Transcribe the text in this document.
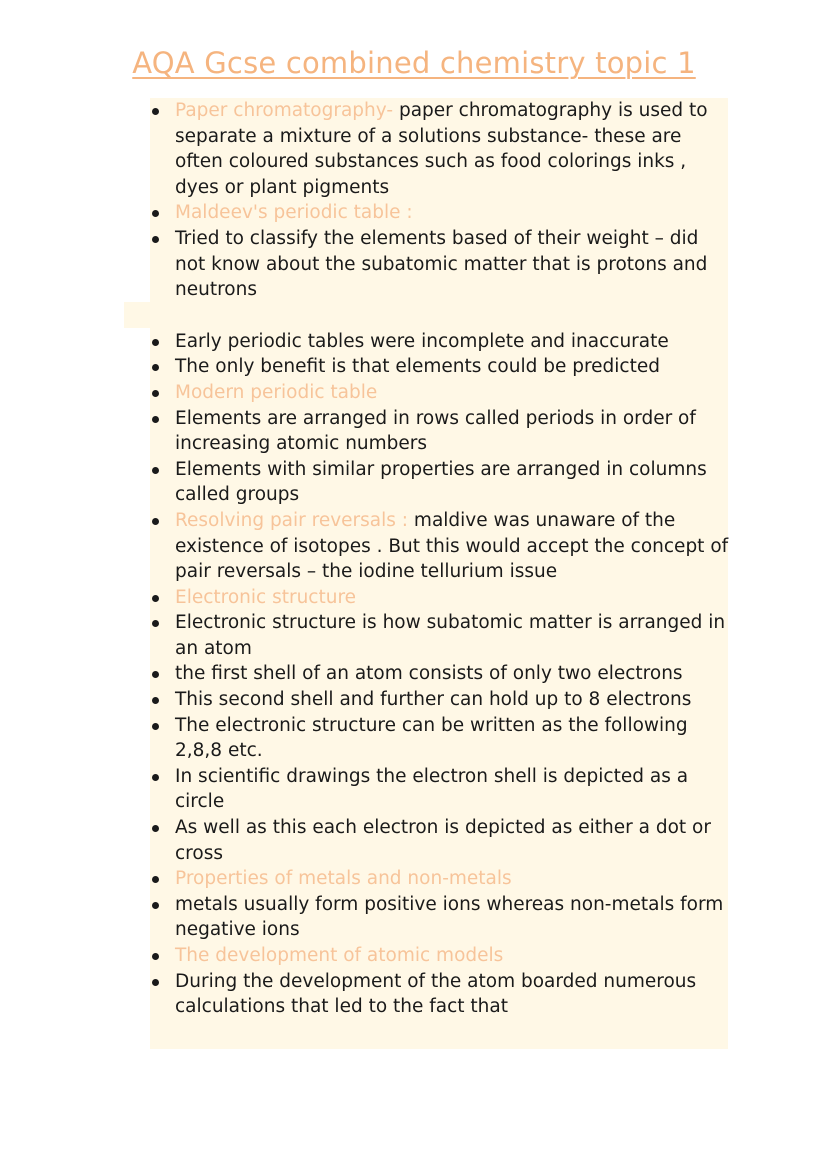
AQA Gcse combined chemistry topic 1
Paper chromatography- paper chromatography is used to separate a mixture of a solutions substance- these are often coloured substances such as food colorings inks , dyes or plant pigments
Maldeev's periodic table :
Tried to classify the elements based of their weight – did not know about the subatomic matter that is protons and neutrons
Early periodic tables were incomplete and inaccurate
The only benefit is that elements could be predicted
Modern periodic table
Elements are arranged in rows called periods in order of increasing atomic numbers
Elements with similar properties are arranged in columns called groups
Resolving pair reversals : maldive was unaware of the existence of isotopes . But this would accept the concept of pair reversals – the iodine tellurium issue
Electronic structure
Electronic structure is how subatomic matter is arranged in an atom
the first shell of an atom consists of only two electrons
This second shell and further can hold up to 8 electrons
The electronic structure can be written as the following 2,8,8 etc.
In scientific drawings the electron shell is depicted as a circle
As well as this each electron is depicted as either a dot or cross
Properties of metals and non-metals
metals usually form positive ions whereas non-metals form negative ions
The development of atomic models
During the development of the atom boarded numerous calculations that led to the fact that
